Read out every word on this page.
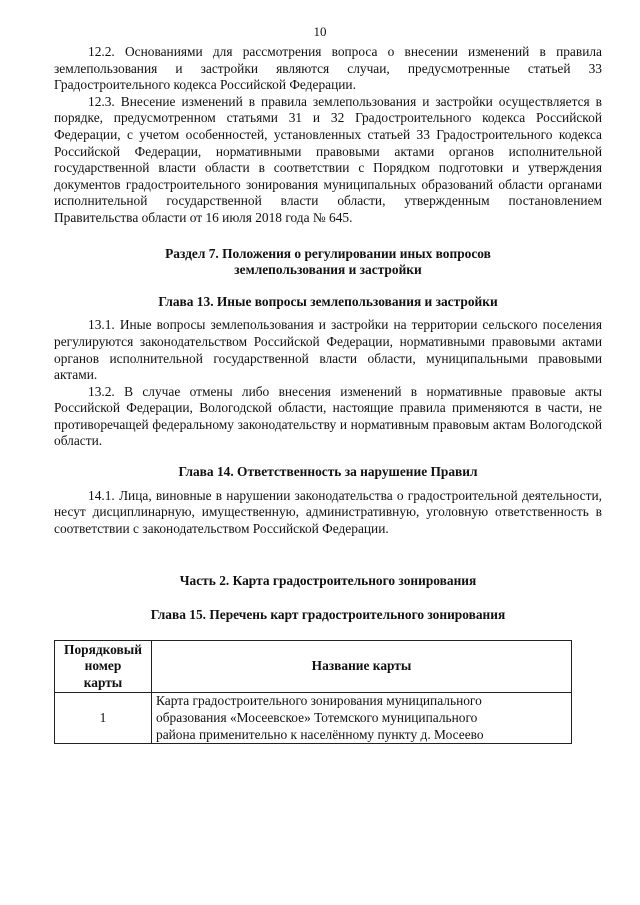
10

12.2. Основаниями для рассмотрения вопроса о внесении изменений в правила землепользования и застройки являются случаи, предусмотренные статьей 33 Градостроительного кодекса Российской Федерации.

12.3. Внесение изменений в правила землепользования и застройки осуществляется в порядке, предусмотренном статьями 31 и 32 Градостроительного кодекса Российской Федерации, с учетом особенностей, установленных статьей 33 Градостроительного кодекса Российской Федерации, нормативными правовыми актами органов исполнительной государственной власти области в соответствии с Порядком подготовки и утверждения документов градостроительного зонирования муниципальных образований области органами исполнительной государственной власти области, утвержденным постановлением Правительства области от 16 июля 2018 года № 645.

Раздел 7. Положения о регулировании иных вопросов
землепользования и застройки
Глава 13. Иные вопросы землепользования и застройки

13.1. Иные вопросы землепользования и застройки на территории сельского поселения регулируются законодательством Российской Федерации, нормативными правовыми актами органов исполнительной государственной власти области, муниципальными правовыми актами.

13.2. В случае отмены либо внесения изменений в нормативные правовые акты Российской Федерации, Вологодской области, настоящие правила применяются в части, не противоречащей федеральному законодательству и нормативным правовым актам Вологодской области.

Глава 14. Ответственность за нарушение Правил

14.1. Лица, виновные в нарушении законодательства о градостроительной деятельности, несут дисциплинарную, имущественную, административную, уголовную ответственность в соответствии с законодательством Российской Федерации.

Часть 2. Карта градостроительного зонирования
Глава 15. Перечень карт градостроительного зонирования
Порядковый
номер
карты	Название карты
1	Карта градостроительного зонирования муниципального
образования «Мосеевское» Тотемского муниципального
района применительно к населённому пункту д. Мосеево
